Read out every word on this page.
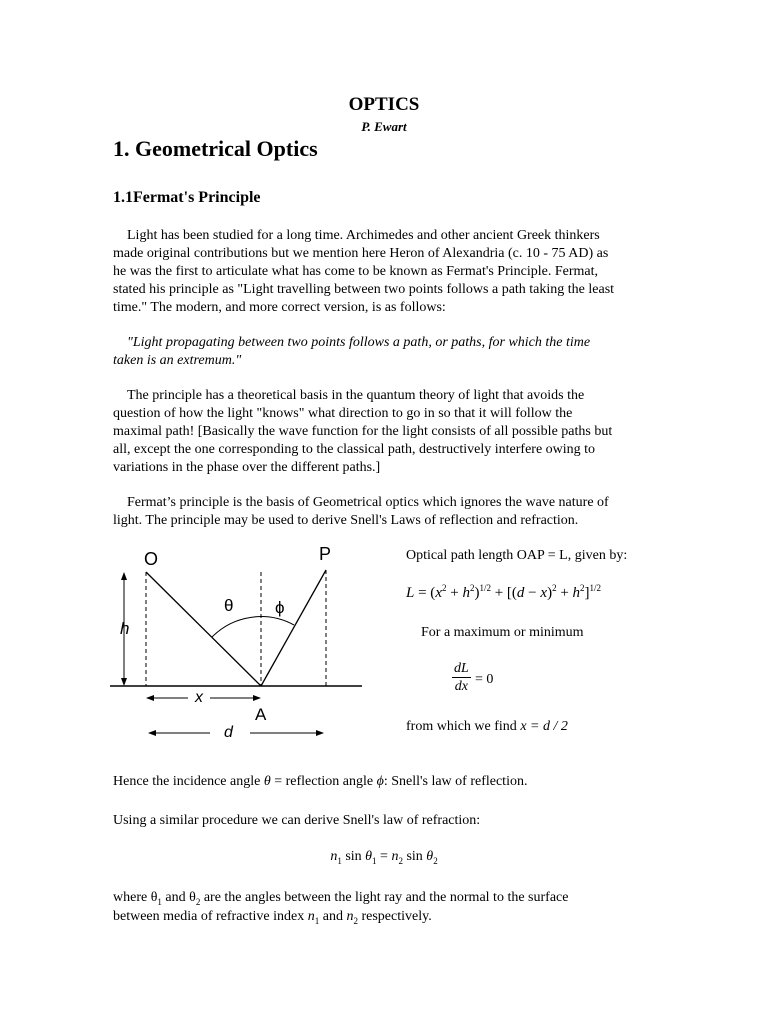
OPTICS
P. Ewart
1. Geometrical Optics
1.1Fermat's Principle
Light has been studied for a long time. Archimedes and other ancient Greek thinkers
made original contributions but we mention here Heron of Alexandria (c. 10 - 75 AD) as
he was the first to articulate what has come to be known as Fermat's Principle. Fermat,
stated his principle as "Light travelling between two points follows a path taking the least
time." The modern, and more correct version, is as follows:
"Light propagating between two points follows a path, or paths, for which the time
taken is an extremum."
The principle has a theoretical basis in the quantum theory of light that avoids the
question of how the light "knows" what direction to go in so that it will follow the
maximal path! [Basically the wave function for the light consists of all possible paths but
all, except the one corresponding to the classical path, destructively interfere owing to
variations in the phase over the different paths.]
Fermat’s principle is the basis of Geometrical optics which ignores the wave nature of
light. The principle may be used to derive Snell's Laws of reflection and refraction.
O	P
A
h
x
d
θ ϕ
Optical path length OAP = L, given by:
$L = (x^2 + h^2)^{1/2} + [(d - x)^2 + h^2]^{1/2}$
For a maximum or minimum
$\frac{dL}{dx} = 0$
from which we find x = d / 2
Hence the incidence angle θ = reflection angle ϕ: Snell's law of reflection.
Using a similar procedure we can derive Snell's law of refraction:
$n_1$ $\sin \theta_1 = n_2$ $\sin \theta_2$
where $\theta_1$ and $\theta_2$ are the angles between the light ray and the normal to the surface
between media of refractive index $n_1$ and $n_2$ respectively.
